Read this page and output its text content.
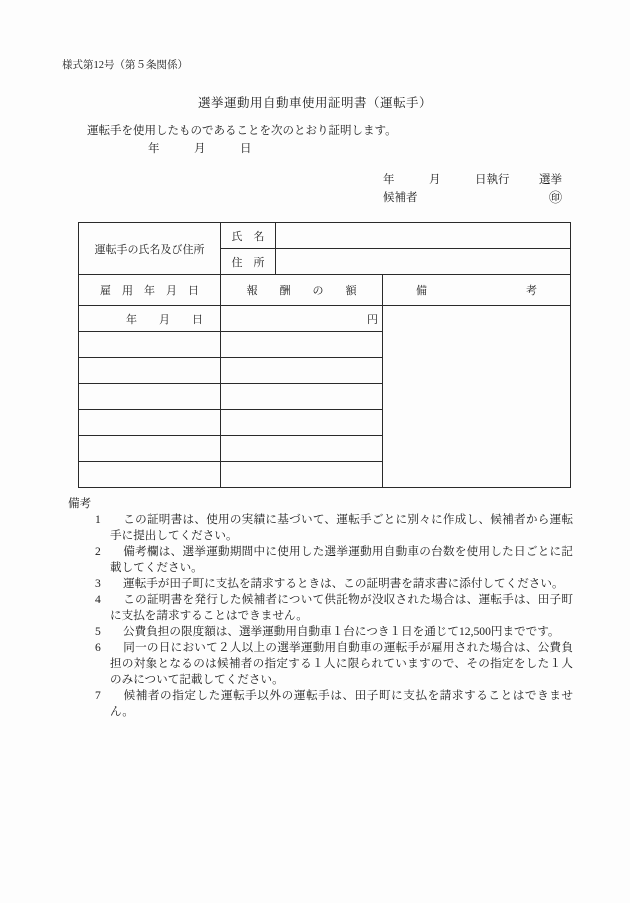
様式第12号（第５条関係）
選挙運動用自動車使用証明書（運転手）
運転手を使用したものであることを次のとおり証明します。
年　　　月　　　日
年　　　月　　　日執行	選挙
候補者	㊞
運転手の氏名及び住所	氏　名		
	住　所		
雇　用　年　月　日	報　　酬　　の　　額		備　　　　　　　　　考
年　　月　　日	円		

備考

1 この証明書は、使用の実績に基づいて、運転手ごとに別々に作成し、候補者から運転手に提出してください。

2 備考欄は、選挙運動期間中に使用した選挙運動用自動車の台数を使用した日ごとに記載してください。

3 運転手が田子町に支払を請求するときは、この証明書を請求書に添付してください。

4 この証明書を発行した候補者について供託物が没収された場合は、運転手は、田子町に支払を請求することはできません。

5 公費負担の限度額は、選挙運動用自動車１台につき１日を通じて12,500円までです。

6 同一の日において２人以上の選挙運動用自動車の運転手が雇用された場合は、公費負担の対象となるのは候補者の指定する１人に限られていますので、その指定をした１人のみについて記載してください。

7 候補者の指定した運転手以外の運転手は、田子町に支払を請求することはできません。
